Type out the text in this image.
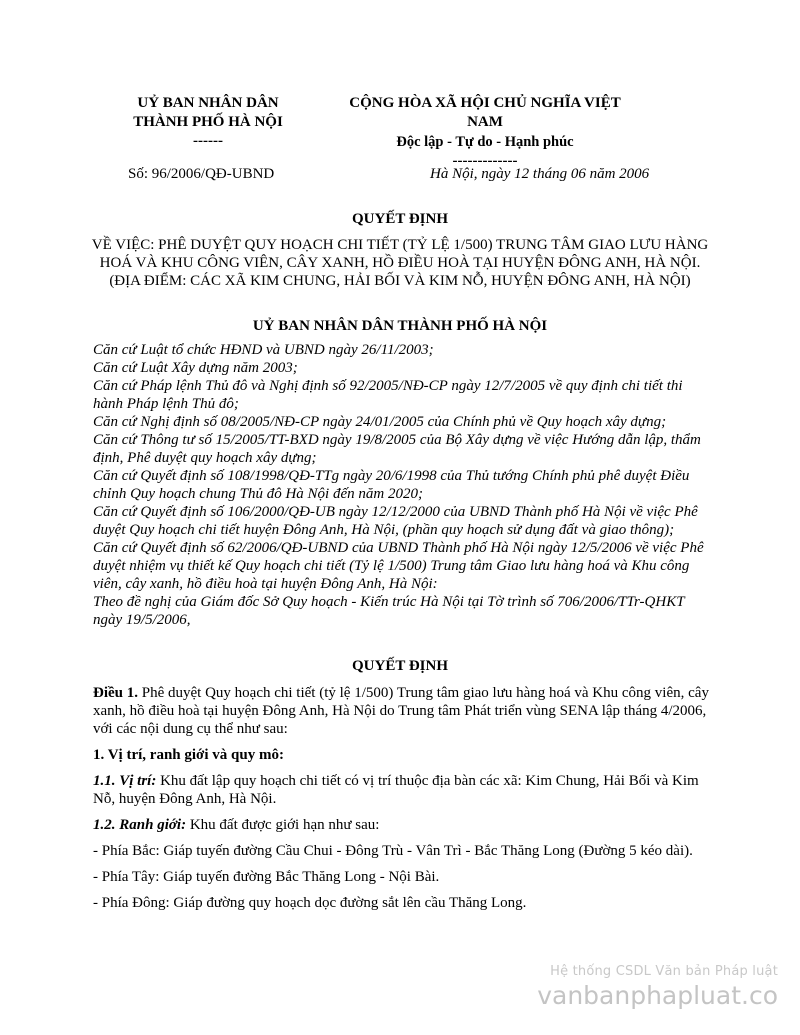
UỶ BAN NHÂN DÂN
THÀNH PHỐ HÀ NỘI
------
CỘNG HÒA XÃ HỘI CHỦ NGHĨA VIỆT
NAM
Độc lập - Tự do - Hạnh phúc
-------------
Số: 96/2006/QĐ-UBND	Hà Nội, ngày 12 tháng 06 năm 2006
QUYẾT ĐỊNH
VỀ VIỆC: PHÊ DUYỆT QUY HOẠCH CHI TIẾT (TỶ LỆ 1/500) TRUNG TÂM GIAO LƯU HÀNG HOÁ VÀ KHU CÔNG VIÊN, CÂY XANH, HỒ ĐIỀU HOÀ TẠI HUYỆN ĐÔNG ANH, HÀ NỘI. (ĐỊA ĐIỂM: CÁC XÃ KIM CHUNG, HẢI BỐI VÀ KIM NỖ, HUYỆN ĐÔNG ANH, HÀ NỘI)
UỶ BAN NHÂN DÂN THÀNH PHỐ HÀ NỘI

Căn cứ Luật tổ chức HĐND và UBND ngày 26/11/2003;

Căn cứ Luật Xây dựng năm 2003;

Căn cứ Pháp lệnh Thủ đô và Nghị định số 92/2005/NĐ-CP ngày 12/7/2005 về quy định chi tiết thi hành Pháp lệnh Thủ đô;

Căn cứ Nghị định số 08/2005/NĐ-CP ngày 24/01/2005 của Chính phủ về Quy hoạch xây dựng;

Căn cứ Thông tư số 15/2005/TT-BXD ngày 19/8/2005 của Bộ Xây dựng về việc Hướng dẫn lập, thẩm định, Phê duyệt quy hoạch xây dựng;

Căn cứ Quyết định số 108/1998/QĐ-TTg ngày 20/6/1998 của Thủ tướng Chính phủ phê duyệt Điều chỉnh Quy hoạch chung Thủ đô Hà Nội đến năm 2020;

Căn cứ Quyết định số 106/2000/QĐ-UB ngày 12/12/2000 của UBND Thành phố Hà Nội về việc Phê duyệt Quy hoạch chi tiết huyện Đông Anh, Hà Nội, (phần quy hoạch sử dụng đất và giao thông);

Căn cứ Quyết định số 62/2006/QĐ-UBND của UBND Thành phố Hà Nội ngày 12/5/2006 về việc Phê duyệt nhiệm vụ thiết kế Quy hoạch chi tiết (Tỷ lệ 1/500) Trung tâm Giao lưu hàng hoá và Khu công viên, cây xanh, hồ điều hoà tại huyện Đông Anh, Hà Nội:

Theo đề nghị của Giám đốc Sở Quy hoạch - Kiến trúc Hà Nội tại Tờ trình số 706/2006/TTr-QHKT ngày 19/5/2006,

QUYẾT ĐỊNH

Điều 1. Phê duyệt Quy hoạch chi tiết (tỷ lệ 1/500) Trung tâm giao lưu hàng hoá và Khu công viên, cây xanh, hồ điều hoà tại huyện Đông Anh, Hà Nội do Trung tâm Phát triển vùng SENA lập tháng 4/2006, với các nội dung cụ thể như sau:

1. Vị trí, ranh giới và quy mô:

1.1. Vị trí: Khu đất lập quy hoạch chi tiết có vị trí thuộc địa bàn các xã: Kim Chung, Hải Bối và Kim Nỗ, huyện Đông Anh, Hà Nội.

1.2. Ranh giới: Khu đất được giới hạn như sau:

- Phía Bắc: Giáp tuyến đường Cầu Chui - Đông Trù - Vân Trì - Bắc Thăng Long (Đường 5 kéo dài).

- Phía Tây: Giáp tuyến đường Bắc Thăng Long - Nội Bài.

- Phía Đông: Giáp đường quy hoạch dọc đường sắt lên cầu Thăng Long.

Hệ thống CSDL Văn bản Pháp luật
vanbanphapluat.co
